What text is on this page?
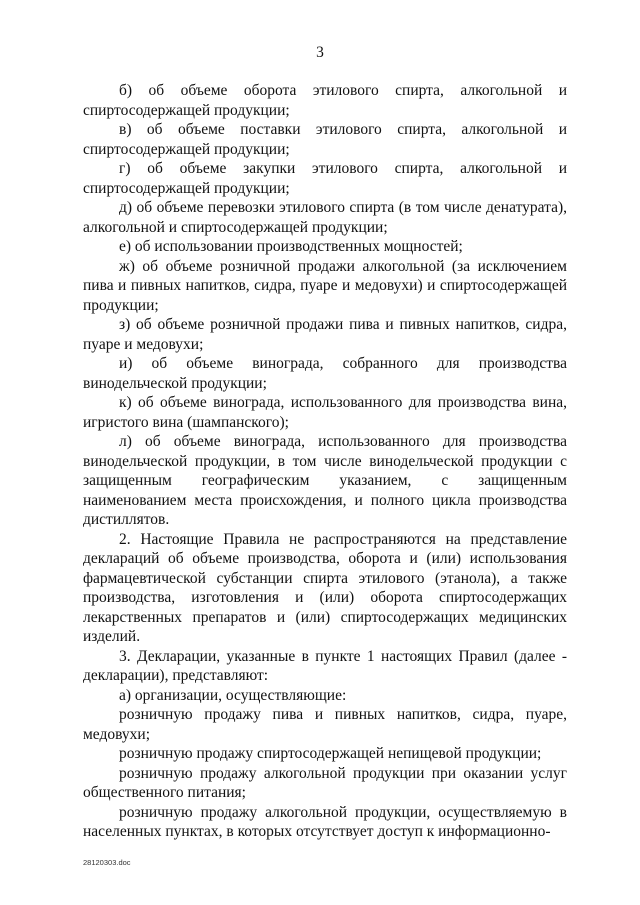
3

б) об объеме оборота этилового спирта, алкогольной и спиртосодержащей продукции;

в) об объеме поставки этилового спирта, алкогольной и спиртосодержащей продукции;

г) об объеме закупки этилового спирта, алкогольной и спиртосодержащей продукции;

д) об объеме перевозки этилового спирта (в том числе денатурата), алкогольной и спиртосодержащей продукции;

е) об использовании производственных мощностей;

ж) об объеме розничной продажи алкогольной (за исключением пива и пивных напитков, сидра, пуаре и медовухи) и спиртосодержащей продукции;

з) об объеме розничной продажи пива и пивных напитков, сидра, пуаре и медовухи;

и) об объеме винограда, собранного для производства винодельческой продукции;

к) об объеме винограда, использованного для производства вина, игристого вина (шампанского);

л) об объеме винограда, использованного для производства винодельческой продукции, в том числе винодельческой продукции с защищенным географическим указанием, с защищенным наименованием места происхождения, и полного цикла производства дистиллятов.

2. Настоящие Правила не распространяются на представление деклараций об объеме производства, оборота и (или) использования фармацевтической субстанции спирта этилового (этанола), а также производства, изготовления и (или) оборота спиртосодержащих лекарственных препаратов и (или) спиртосодержащих медицинских изделий.

3. Декларации, указанные в пункте 1 настоящих Правил (далее - декларации), представляют:

а) организации, осуществляющие:

розничную продажу пива и пивных напитков, сидра, пуаре, медовухи;

розничную продажу спиртосодержащей непищевой продукции;

розничную продажу алкогольной продукции при оказании услуг общественного питания;

розничную продажу алкогольной продукции, осуществляемую в населенных пунктах, в которых отсутствует доступ к информационно-

28120303.doc
